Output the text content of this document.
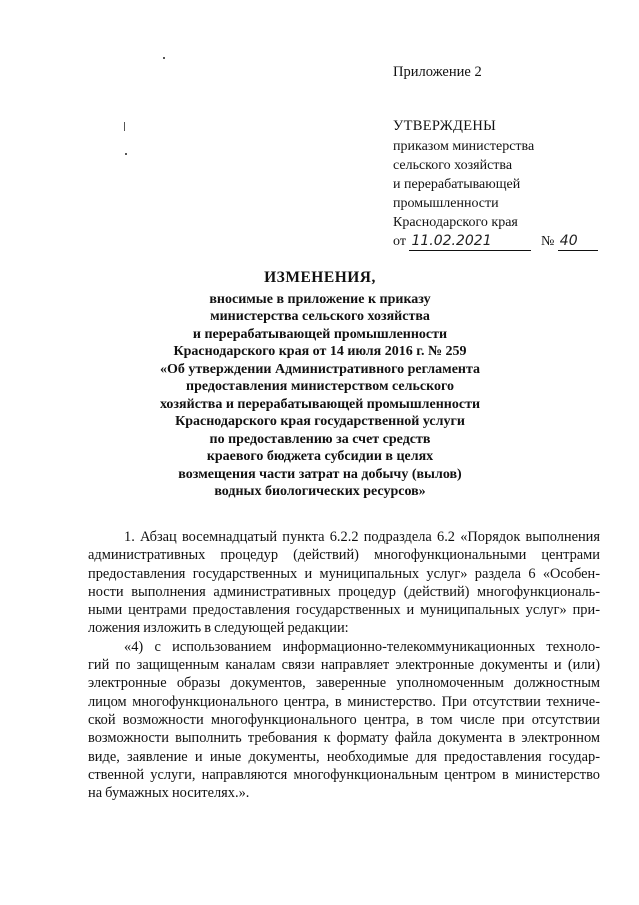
Приложение 2
УТВЕРЖДЕНЫ
приказом министерства
сельского хозяйства
и перерабатывающей
промышленности
Краснодарского края
от 11.02.2021	№ 40
ИЗМЕНЕНИЯ,
вносимые в приложение к приказу
министерства сельского хозяйства
и перерабатывающей промышленности
Краснодарского края от 14 июля 2016 г. № 259
«Об утверждении Административного регламента
предоставления министерством сельского
хозяйства и перерабатывающей промышленности
Краснодарского края государственной услуги
по предоставлению за счет средств
краевого бюджета субсидии в целях
возмещения части затрат на добычу (вылов)
водных биологических ресурсов»
1. Абзац восемнадцатый пункта 6.2.2 подраздела 6.2 «Порядок выполнения
административных процедур (действий) многофункциональными центрами
предоставления государственных и муниципальных услуг» раздела 6 «Особен-
ности выполнения административных процедур (действий) многофункциональ-
ными центрами предоставления государственных и муниципальных услуг» при-
ложения изложить в следующей редакции:
«4) с использованием информационно-телекоммуникационных техноло-
гий по защищенным каналам связи направляет электронные документы и (или)
электронные образы документов, заверенные уполномоченным должностным
лицом многофункционального центра, в министерство. При отсутствии техниче-
ской возможности многофункционального центра, в том числе при отсутствии
возможности выполнить требования к формату файла документа в электронном
виде, заявление и иные документы, необходимые для предоставления государ-
ственной услуги, направляются многофункциональным центром в министерство
на бумажных носителях.».
